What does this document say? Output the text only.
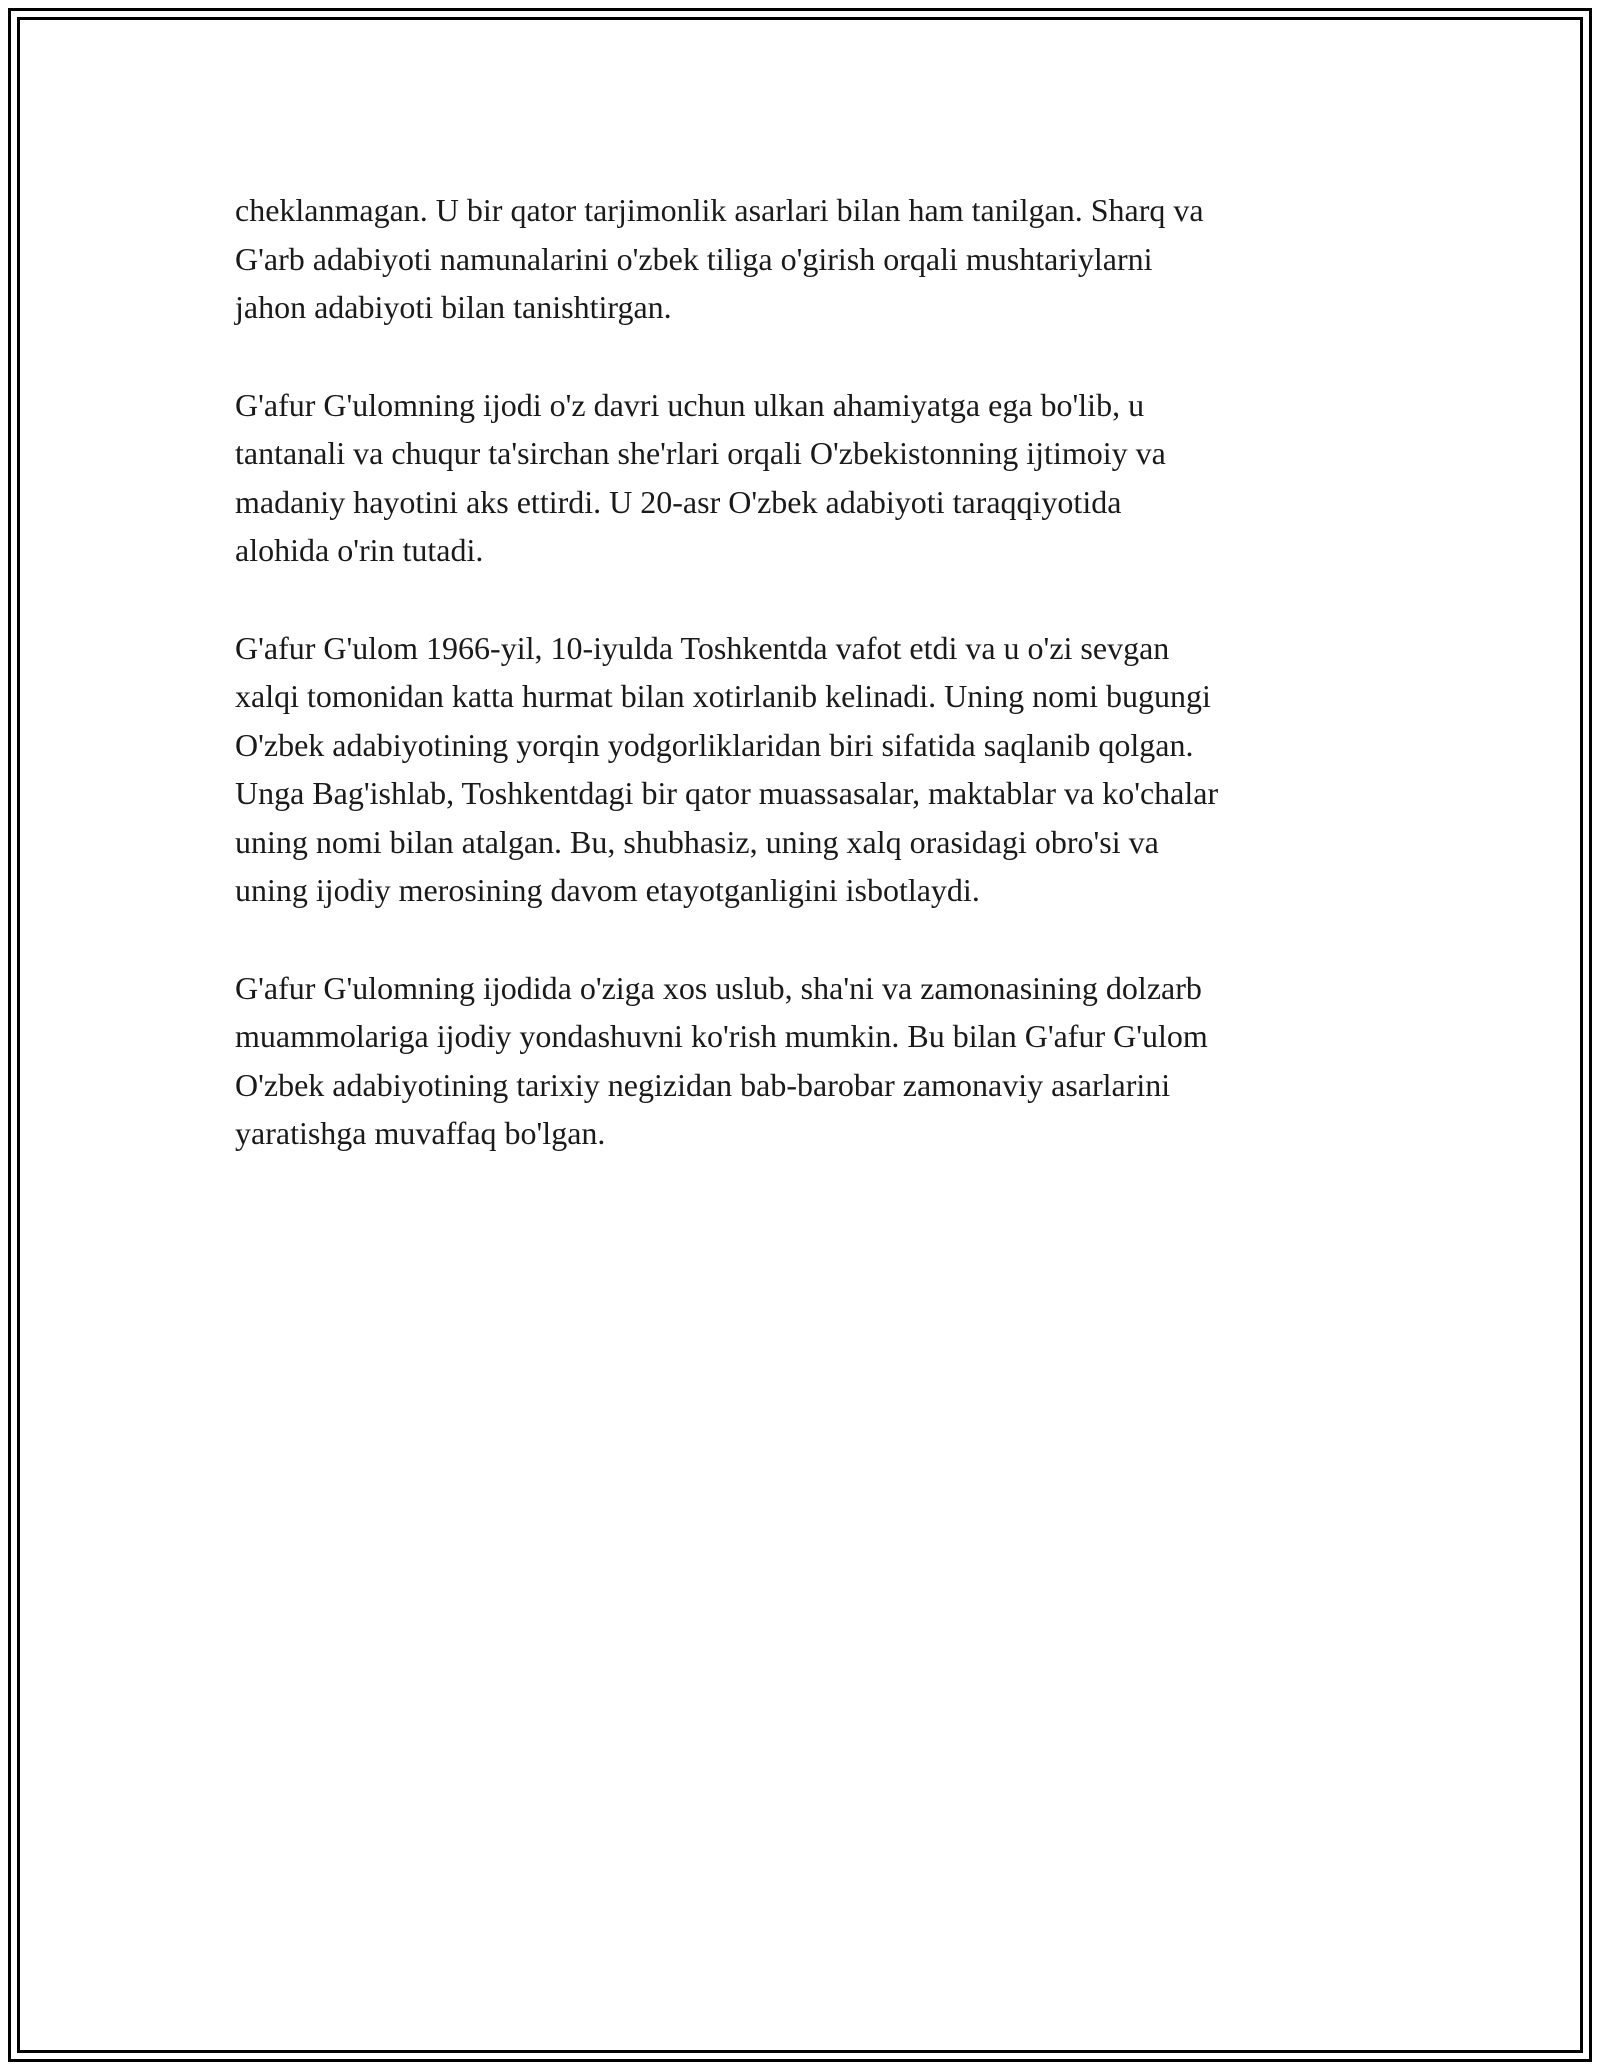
cheklanmagan. U bir qator tarjimonlik asarlari bilan ham tanilgan. Sharq va
G'arb adabiyoti namunalarini o'zbek tiliga o'girish orqali mushtariylarni
jahon adabiyoti bilan tanishtirgan.

G'afur G'ulomning ijodi o'z davri uchun ulkan ahamiyatga ega bo'lib, u
tantanali va chuqur ta'sirchan she'rlari orqali O'zbekistonning ijtimoiy va
madaniy hayotini aks ettirdi. U 20-asr O'zbek adabiyoti taraqqiyotida
alohida o'rin tutadi.

G'afur G'ulom 1966-yil, 10-iyulda Toshkentda vafot etdi va u o'zi sevgan
xalqi tomonidan katta hurmat bilan xotirlanib kelinadi. Uning nomi bugungi
O'zbek adabiyotining yorqin yodgorliklaridan biri sifatida saqlanib qolgan.
Unga Bag'ishlab, Toshkentdagi bir qator muassasalar, maktablar va ko'chalar
uning nomi bilan atalgan. Bu, shubhasiz, uning xalq orasidagi obro'si va
uning ijodiy merosining davom etayotganligini isbotlaydi.

G'afur G'ulomning ijodida o'ziga xos uslub, sha'ni va zamonasining dolzarb
muammolariga ijodiy yondashuvni ko'rish mumkin. Bu bilan G'afur G'ulom
O'zbek adabiyotining tarixiy negizidan bab-barobar zamonaviy asarlarini
yaratishga muvaffaq bo'lgan.
